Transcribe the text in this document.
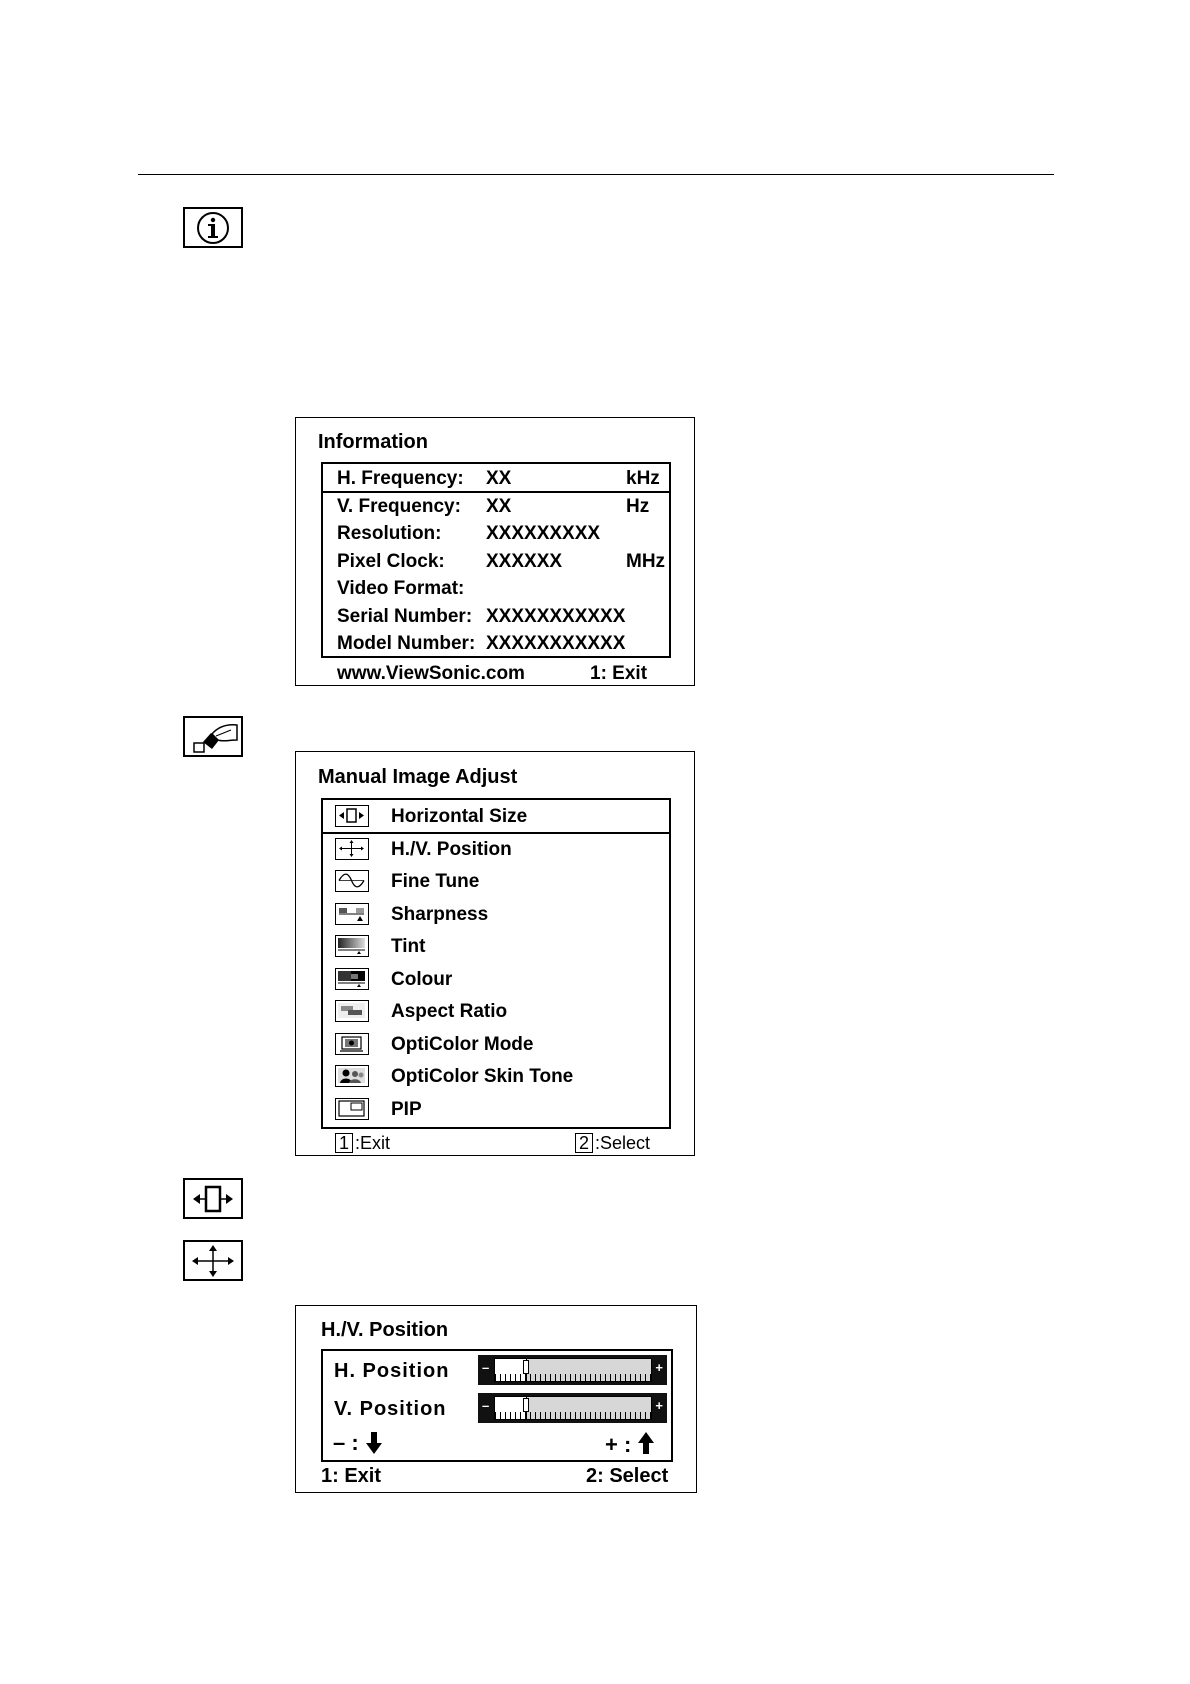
Information
H. Frequency: XX	kHz
V. Frequency: XX	Hz
Resolution: XXXXXXXXX
Pixel Clock: XXXXXX	MHz
Video Format:
Serial Number: XXXXXXXXXXX
Model Number: XXXXXXXXXXX
www.ViewSonic.com	1: Exit
Manual Image Adjust
Horizontal Size
H./V. Position
Fine Tune
Sharpness
Tint
Colour
Aspect Ratio
OptiColor Mode
OptiColor Skin Tone
PIP
1 :Exit	2 :Select
H./V. Position
H. Position	–	+
V. Position	–	+
– :	+ :
1: Exit	2: Select
